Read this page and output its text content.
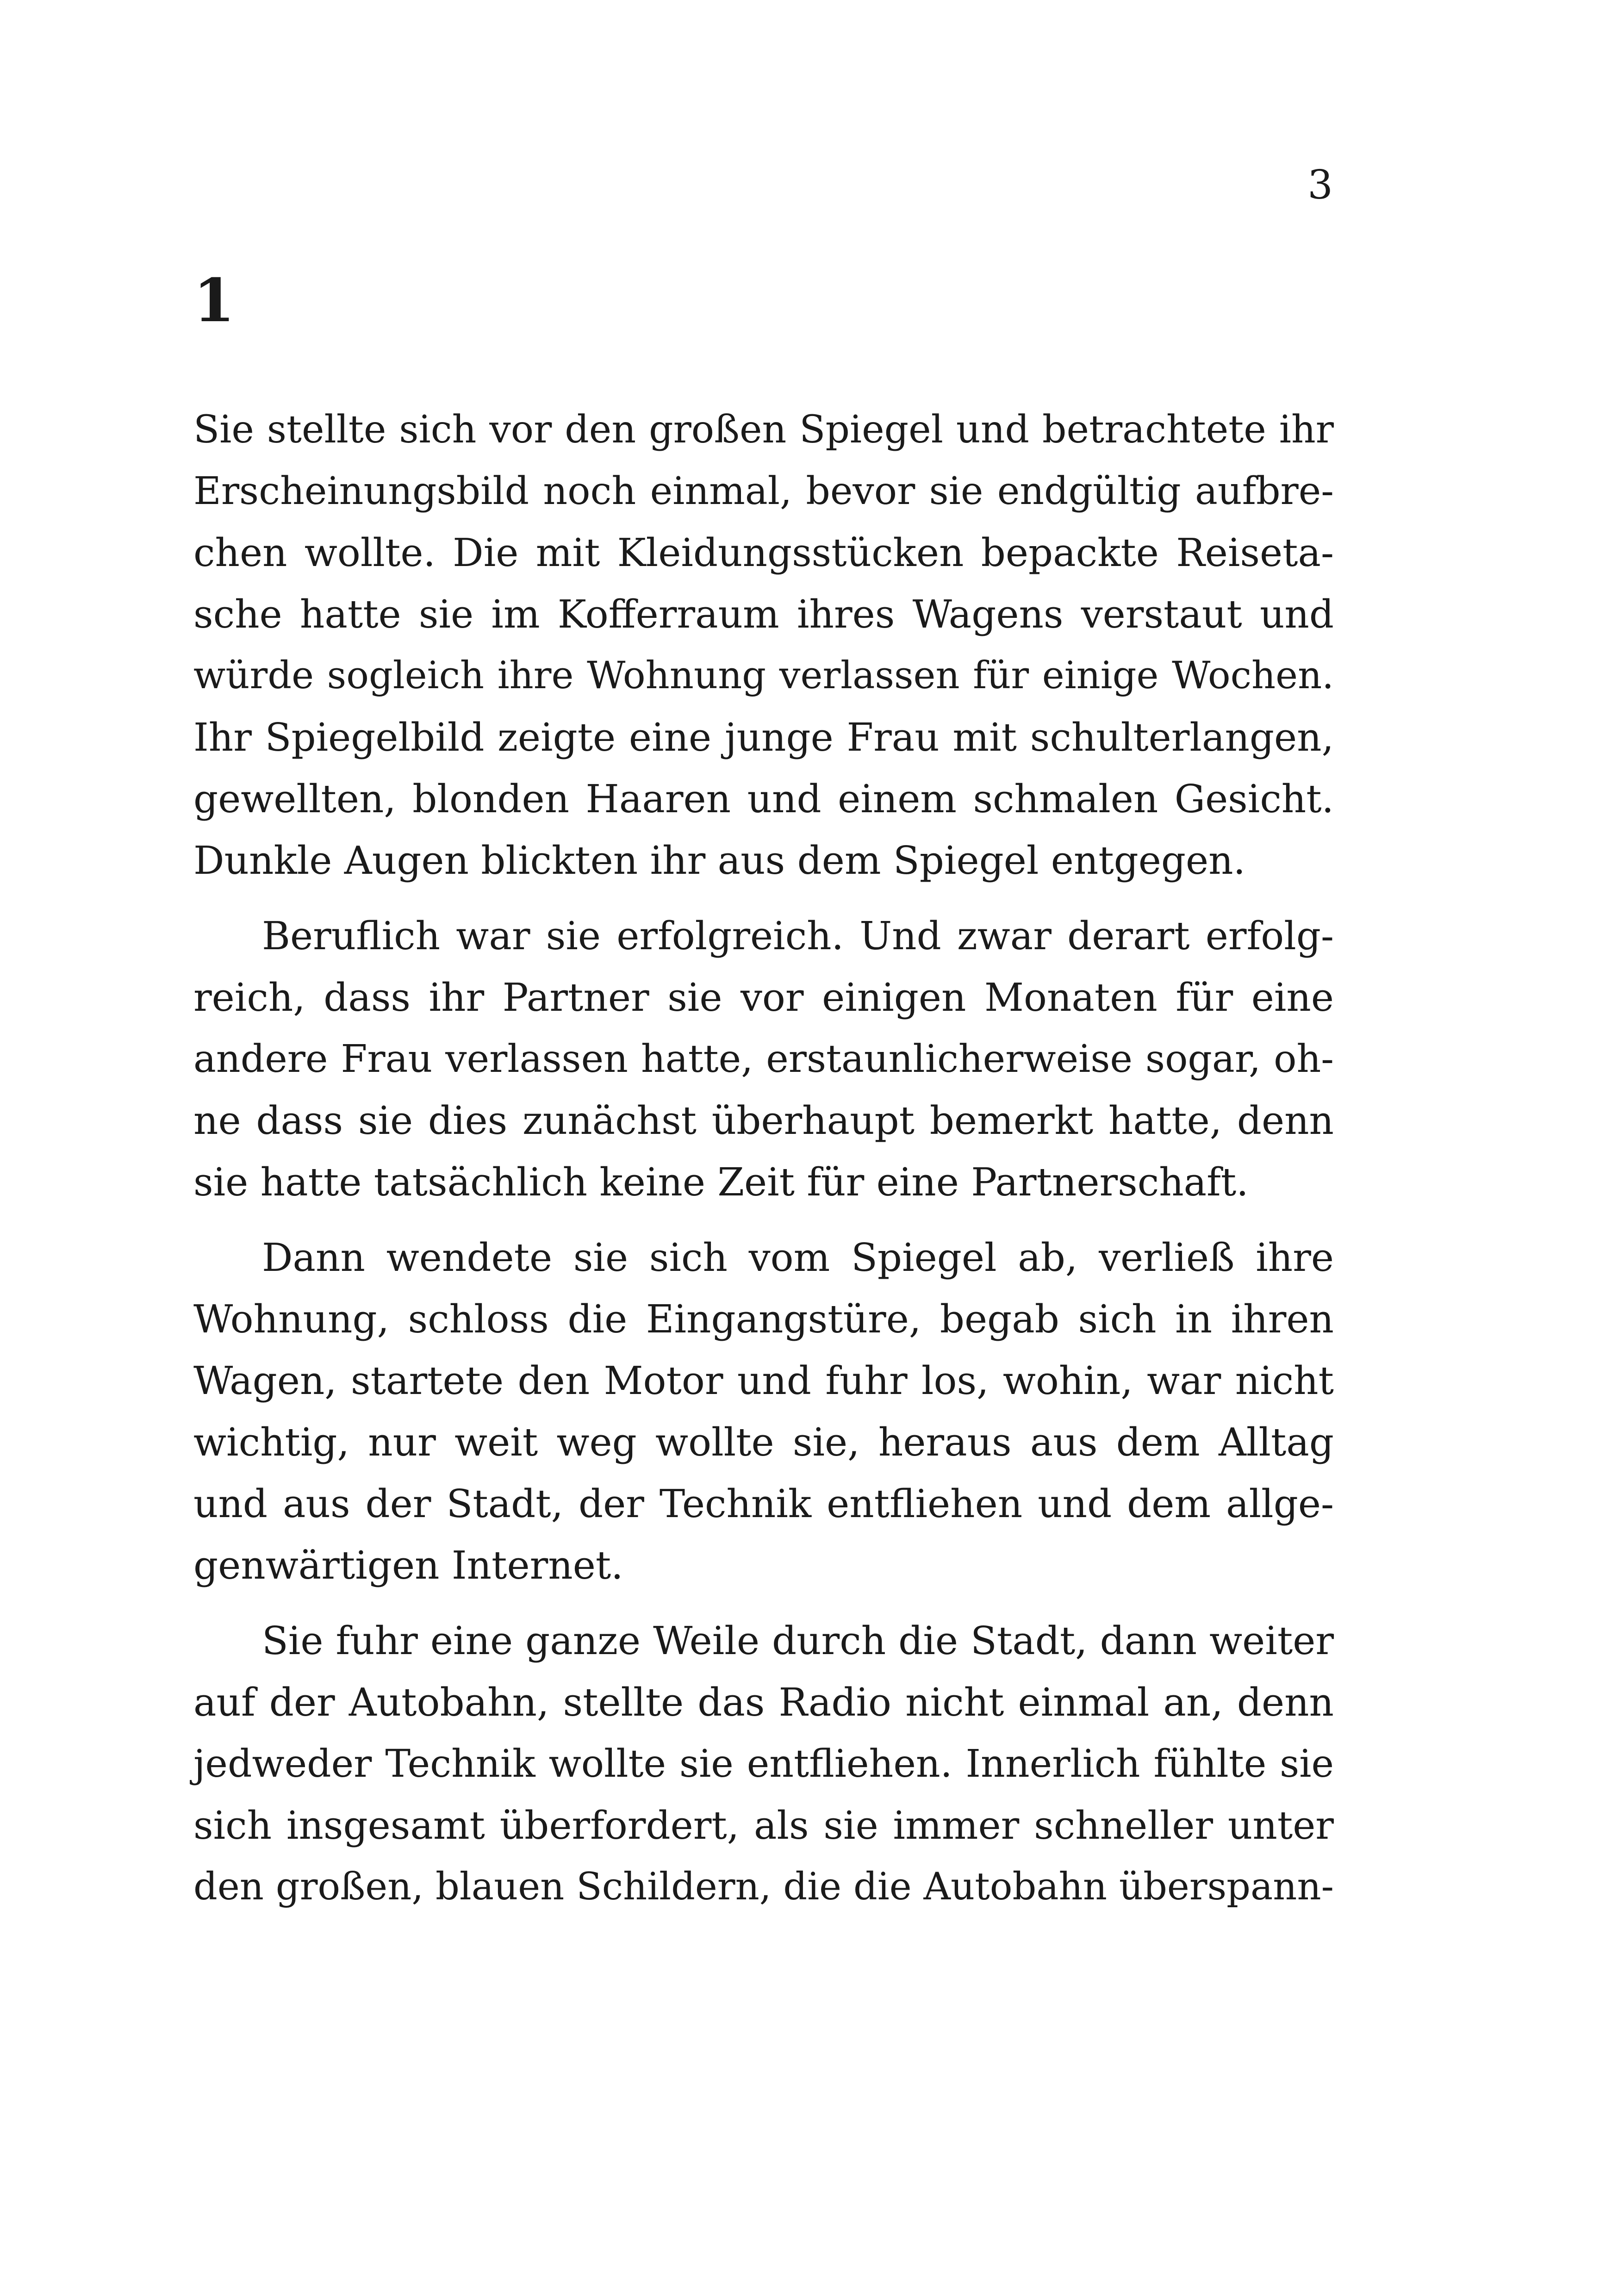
3
1
Sie stellte sich vor den großen Spiegel und betrachtete ihr
Erscheinungsbild noch einmal, bevor sie endgültig aufbre-
chen wollte. Die mit Kleidungsstücken bepackte Reiseta-
sche hatte sie im Kofferraum ihres Wagens verstaut und
würde sogleich ihre Wohnung verlassen für einige Wochen.
Ihr Spiegelbild zeigte eine junge Frau mit schulterlangen,
gewellten, blonden Haaren und einem schmalen Gesicht.
Dunkle Augen blickten ihr aus dem Spiegel entgegen.
Beruflich war sie erfolgreich. Und zwar derart erfolg-
reich, dass ihr Partner sie vor einigen Monaten für eine
andere Frau verlassen hatte, erstaunlicherweise sogar, oh-
ne dass sie dies zunächst überhaupt bemerkt hatte, denn
sie hatte tatsächlich keine Zeit für eine Partnerschaft.
Dann wendete sie sich vom Spiegel ab, verließ ihre
Wohnung, schloss die Eingangstüre, begab sich in ihren
Wagen, startete den Motor und fuhr los, wohin, war nicht
wichtig, nur weit weg wollte sie, heraus aus dem Alltag
und aus der Stadt, der Technik entfliehen und dem allge-
genwärtigen Internet.
Sie fuhr eine ganze Weile durch die Stadt, dann weiter
auf der Autobahn, stellte das Radio nicht einmal an, denn
jedweder Technik wollte sie entfliehen. Innerlich fühlte sie
sich insgesamt überfordert, als sie immer schneller unter
den großen, blauen Schildern, die die Autobahn überspann-
